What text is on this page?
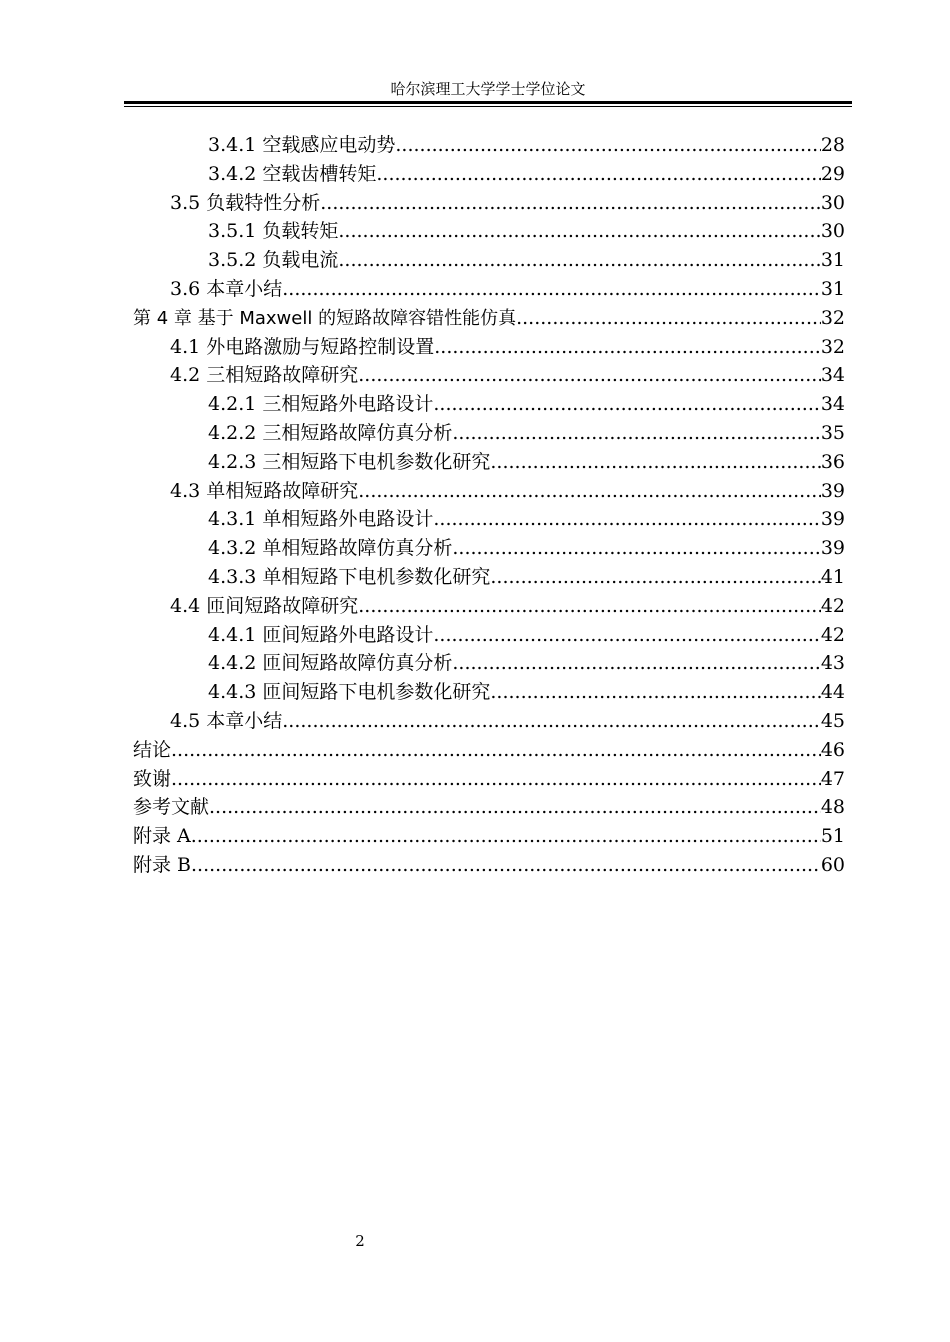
哈尔滨理工大学学士学位论文
3.4.1 空载感应电动势 .....	28
3.4.2 空载齿槽转矩 .....	29
3.5 负载特性分析 .....	30
3.5.1 负载转矩 .....	30
3.5.2 负载电流 .....	31
3.6 本章小结 .....	31
第 4 章 基于 Maxwell 的短路故障容错性能仿真 .....	32
4.1 外电路激励与短路控制设置 .....	32
4.2 三相短路故障研究 .....	34
4.2.1 三相短路外电路设计 .....	34
4.2.2 三相短路故障仿真分析 .....	35
4.2.3 三相短路下电机参数化研究 .....	36
4.3 单相短路故障研究 .....	39
4.3.1 单相短路外电路设计 .....	39
4.3.2 单相短路故障仿真分析 .....	39
4.3.3 单相短路下电机参数化研究 .....	41
4.4 匝间短路故障研究 .....	42
4.4.1 匝间短路外电路设计 .....	42
4.4.2 匝间短路故障仿真分析 .....	43
4.4.3 匝间短路下电机参数化研究 .....	44
4.5 本章小结 .....	45
结论 .....	46
致谢 .....	47
参考文献 .....	48
附录 A .....	51
附录 B .....	60
2
